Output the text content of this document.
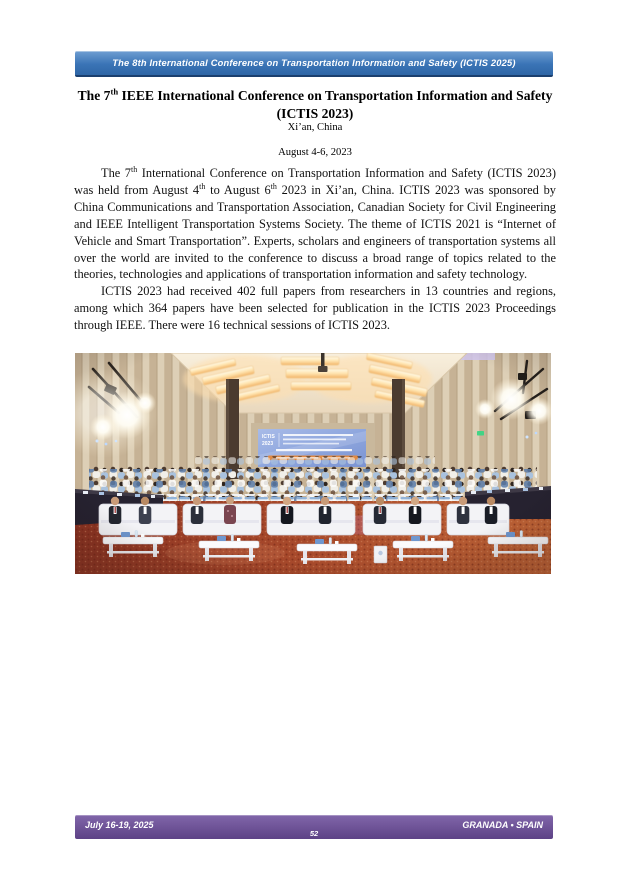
The 8th International Conference on Transportation Information and Safety (ICTIS 2025)
The 7th IEEE International Conference on Transportation Information and Safety
(ICTIS 2023)
Xi’an, China
August 4-6, 2023

The 7th International Conference on Transportation Information and Safety (ICTIS 2023) was held from August 4th to August 6th 2023 in Xi’an, China. ICTIS 2023 was sponsored by China Communications and Transportation Association, Canadian Society for Civil Engineering and IEEE Intelligent Transportation Systems Society. The theme of ICTIS 2021 is “Internet of Vehicle and Smart Transportation”. Experts, scholars and engineers of transportation systems all over the world are invited to the conference to discuss a broad range of topics related to the theories, technologies and applications of transportation information and safety technology.

ICTIS 2023 had received 402 full papers from researchers in 13 countries and regions, among which 364 papers have been selected for publication in the ICTIS 2023 Proceedings through IEEE. There were 16 technical sessions of ICTIS 2023.

July 16-19, 2025
52
GRANADA • SPAIN
